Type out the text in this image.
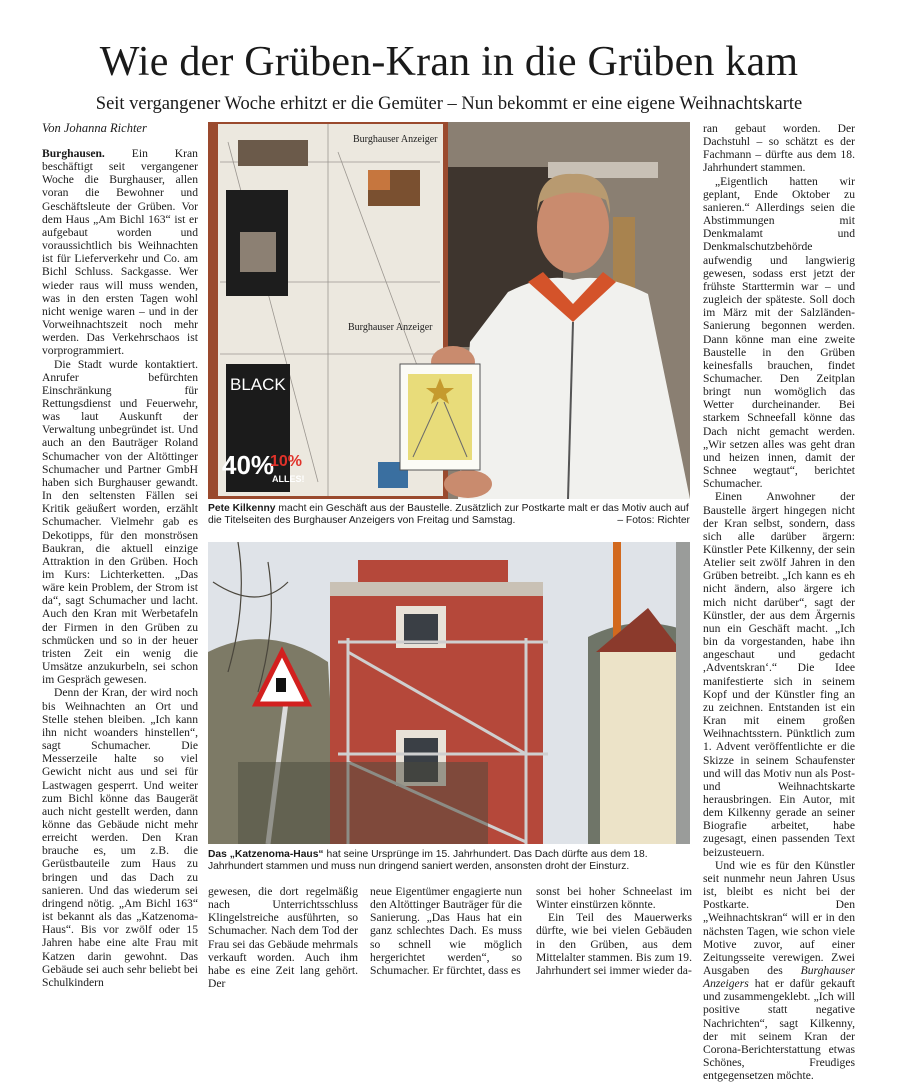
Wie der Grüben-Kran in die Grüben kam
Seit vergangener Woche erhitzt er die Gemüter – Nun bekommt er eine eigene Weihnachtskarte
Von Johanna Richter

Burghausen. Ein Kran beschäftigt seit vergangener Woche die Burghauser, allen voran die Bewohner und Geschäftsleute der Grüben. Vor dem Haus „Am Bichl 163“ ist er aufgebaut worden und voraussichtlich bis Weihnachten ist für Lieferverkehr und Co. am Bichl Schluss. Sackgasse. Wer wieder raus will muss wenden, was in den ersten Tagen wohl nicht wenige waren – und in der Vorweihnachtszeit noch mehr werden. Das Verkehrschaos ist vorprogrammiert.

Die Stadt wurde kontaktiert. Anrufer befürchten Einschränkung für Rettungsdienst und Feuerwehr, was laut Auskunft der Verwaltung unbegründet ist. Und auch an den Bauträger Roland Schumacher von der Altöttinger Schumacher und Partner GmbH haben sich Burghauser gewandt. In den seltensten Fällen sei Kritik geäußert worden, erzählt Schumacher. Vielmehr gab es Dekotipps, für den monströsen Baukran, die aktuell einzige Attraktion in den Grüben. Hoch im Kurs: Lichterketten. „Das wäre kein Problem, der Strom ist da“, sagt Schumacher und lacht. Auch den Kran mit Werbetafeln der Firmen in den Grüben zu schmücken und so in der heuer tristen Zeit ein wenig die Umsätze anzukurbeln, sei schon im Gespräch gewesen.

Denn der Kran, der wird noch bis Weihnachten an Ort und Stelle stehen bleiben. „Ich kann ihn nicht woanders hinstellen“, sagt Schumacher. Die Messerzeile halte so viel Gewicht nicht aus und sei für Lastwagen gesperrt. Und weiter zum Bichl könne das Baugerät auch nicht gestellt werden, dann könne das Gebäude nicht mehr erreicht werden. Den Kran brauche es, um z.B. die Gerüstbauteile zum Haus zu bringen und das Dach zu sanieren. Und das wiederum sei dringend nötig. „Am Bichl 163“ ist bekannt als das „Katzenoma-Haus“. Bis vor zwölf oder 15 Jahren habe eine alte Frau mit Katzen darin gewohnt. Das Gebäude sei auch sehr beliebt bei Schulkindern

BLACK
40%
10%
ALLES!
Burghauser Anzeiger
Burghauser Anzeiger
Pete Kilkenny macht ein Geschäft aus der Baustelle. Zusätzlich zur Postkarte malt er das Motiv auch auf die Titelseiten des Burghauser Anzeigers von Freitag und Samstag.	– Fotos: Richter
Das „Katzenoma-Haus“ hat seine Ursprünge im 15. Jahrhundert. Das Dach dürfte aus dem 18. Jahrhundert stammen und muss nun dringend saniert werden, ansonsten droht der Einsturz.

gewesen, die dort regelmäßig nach Unterrichtsschluss Klingelstreiche ausführten, so Schumacher. Nach dem Tod der Frau sei das Gebäude mehrmals verkauft worden. Auch ihm habe es eine Zeit lang gehört. Der

neue Eigentümer engagierte nun den Altöttinger Bauträger für die Sanierung. „Das Haus hat ein ganz schlechtes Dach. Es muss so schnell wie möglich hergerichtet werden“, so Schumacher. Er fürchtet, dass es

sonst bei hoher Schneelast im Winter einstürzen könnte.

Ein Teil des Mauerwerks dürfte, wie bei vielen Gebäuden in den Grüben, aus dem Mittelalter stammen. Bis zum 19. Jahrhundert sei immer wieder da-

ran gebaut worden. Der Dachstuhl – so schätzt es der Fachmann – dürfte aus dem 18. Jahrhundert stammen.

„Eigentlich hatten wir geplant, Ende Oktober zu sanieren.“ Allerdings seien die Abstimmungen mit Denkmalamt und Denkmalschutzbehörde aufwendig und langwierig gewesen, sodass erst jetzt der frühste Starttermin war – und zugleich der späteste. Soll doch im März mit der Salzländen-Sanierung begonnen werden. Dann könne man eine zweite Baustelle in den Grüben keinesfalls brauchen, findet Schumacher. Den Zeitplan bringt nun womöglich das Wetter durcheinander. Bei starkem Schneefall könne das Dach nicht gemacht werden. „Wir setzen alles was geht dran und heizen innen, damit der Schnee wegtaut“, berichtet Schumacher.

Einen Anwohner der Baustelle ärgert hingegen nicht der Kran selbst, sondern, dass sich alle darüber ärgern: Künstler Pete Kilkenny, der sein Atelier seit zwölf Jahren in den Grüben betreibt. „Ich kann es eh nicht ändern, also ärgere ich mich nicht darüber“, sagt der Künstler, der aus dem Ärgernis nun ein Geschäft macht. „Ich bin da vorgestanden, habe ihn angeschaut und gedacht ,Adventskran‘.“ Die Idee manifestierte sich in seinem Kopf und der Künstler fing an zu zeichnen. Entstanden ist ein Kran mit einem großen Weihnachtsstern. Pünktlich zum 1. Advent veröffentlichte er die Skizze in seinem Schaufenster und will das Motiv nun als Post- und Weihnachtskarte herausbringen. Ein Autor, mit dem Kilkenny gerade an seiner Biografie arbeitet, habe zugesagt, einen passenden Text beizusteuern.

Und wie es für den Künstler seit nunmehr neun Jahren Usus ist, bleibt es nicht bei der Postkarte. Den „Weihnachtskran“ will er in den nächsten Tagen, wie schon viele Motive zuvor, auf einer Zeitungsseite verewigen. Zwei Ausgaben des Burghauser Anzeigers hat er dafür gekauft und zusammengeklebt. „Ich will positive statt negative Nachrichten“, sagt Kilkenny, der mit seinem Kran der Corona-Berichterstattung etwas Schönes, Freudiges entgegensetzen möchte.
